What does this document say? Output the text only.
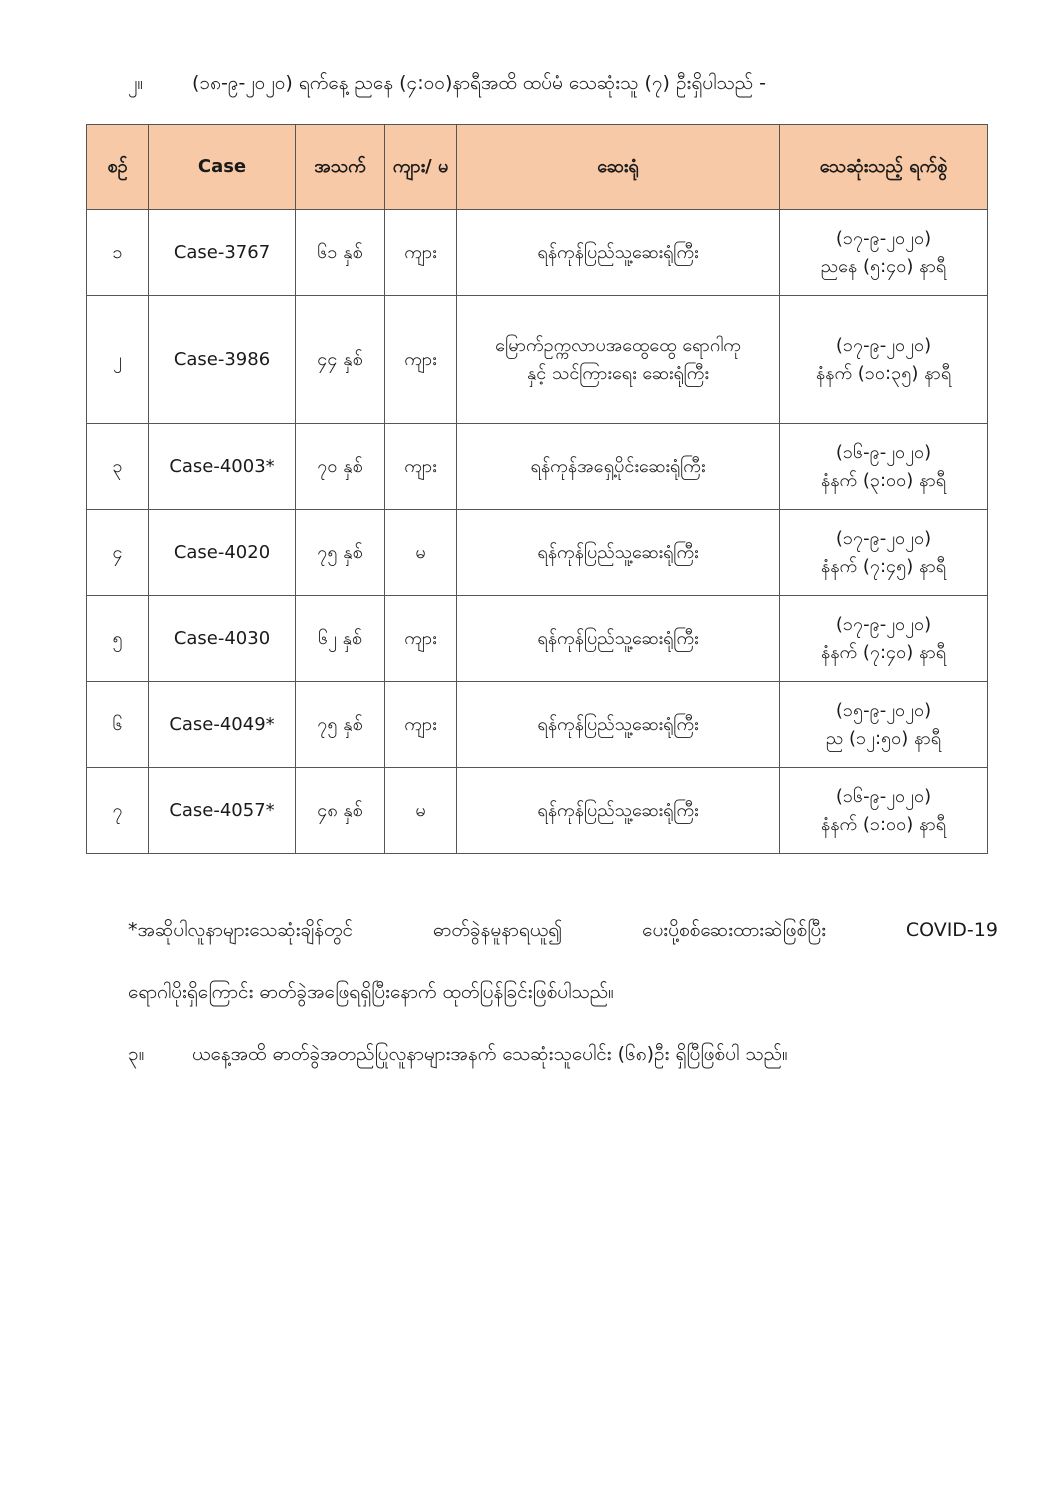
၂။	(၁၈-၉-၂၀၂၀) ရက်နေ့ ညနေ (၄:၀၀)နာရီအထိ ထပ်မံ သေဆုံးသူ (၇) ဦးရှိပါသည် -
စဉ်	Case	အသက်	ကျား/ မ	ဆေးရုံ	သေဆုံးသည့် ရက်စွဲ
၁	Case-3767	၆၁ နှစ်	ကျား	ရန်ကုန်ပြည်သူ့ဆေးရုံကြီး	(၁၇-၉-၂၀၂၀)
ညနေ (၅:၄၀) နာရီ

၂	Case-3986	၄၄ နှစ်	ကျား	မြောက်ဥက္ကလာပအထွေထွေ ရောဂါကုနှင့် သင်ကြားရေး ဆေးရုံကြီး	(၁၇-၉-၂၀၂၀)
နံနက် (၁၀:၃၅) နာရီ

၃	Case-4003*	၇၀ နှစ်	ကျား	ရန်ကုန်အရှေ့ပိုင်းဆေးရုံကြီး	(၁၆-၉-၂၀၂၀)
နံနက် (၃:၀၀) နာရီ

၄	Case-4020	၇၅ နှစ်	မ	ရန်ကုန်ပြည်သူ့ဆေးရုံကြီး	(၁၇-၉-၂၀၂၀)
နံနက် (၇:၄၅) နာရီ

၅	Case-4030	၆၂ နှစ်	ကျား	ရန်ကုန်ပြည်သူ့ဆေးရုံကြီး	(၁၇-၉-၂၀၂၀)
နံနက် (၇:၄၀) နာရီ

၆	Case-4049*	၇၅ နှစ်	ကျား	ရန်ကုန်ပြည်သူ့ဆေးရုံကြီး	(၁၅-၉-၂၀၂၀)
ည (၁၂:၅၀) နာရီ

၇	Case-4057*	၄၈ နှစ်	မ	ရန်ကုန်ပြည်သူ့ဆေးရုံကြီး	(၁၆-၉-၂၀၂၀)
နံနက် (၁:၀၀) နာရီ
*အဆိုပါလူနာများသေဆုံးချိန်တွင်	ဓာတ်ခွဲနမူနာရယူ၍	ပေးပို့စစ်ဆေးထားဆဲဖြစ်ပြီး	COVID-19
ရောဂါပိုးရှိကြောင်း ဓာတ်ခွဲအဖြေရရှိပြီးနောက် ထုတ်ပြန်ခြင်းဖြစ်ပါသည်။
၃။	ယနေ့အထိ ဓာတ်ခွဲအတည်ပြုလူနာများအနက် သေဆုံးသူပေါင်း (၆၈)ဦး ရှိပြီဖြစ်ပါ သည်။
